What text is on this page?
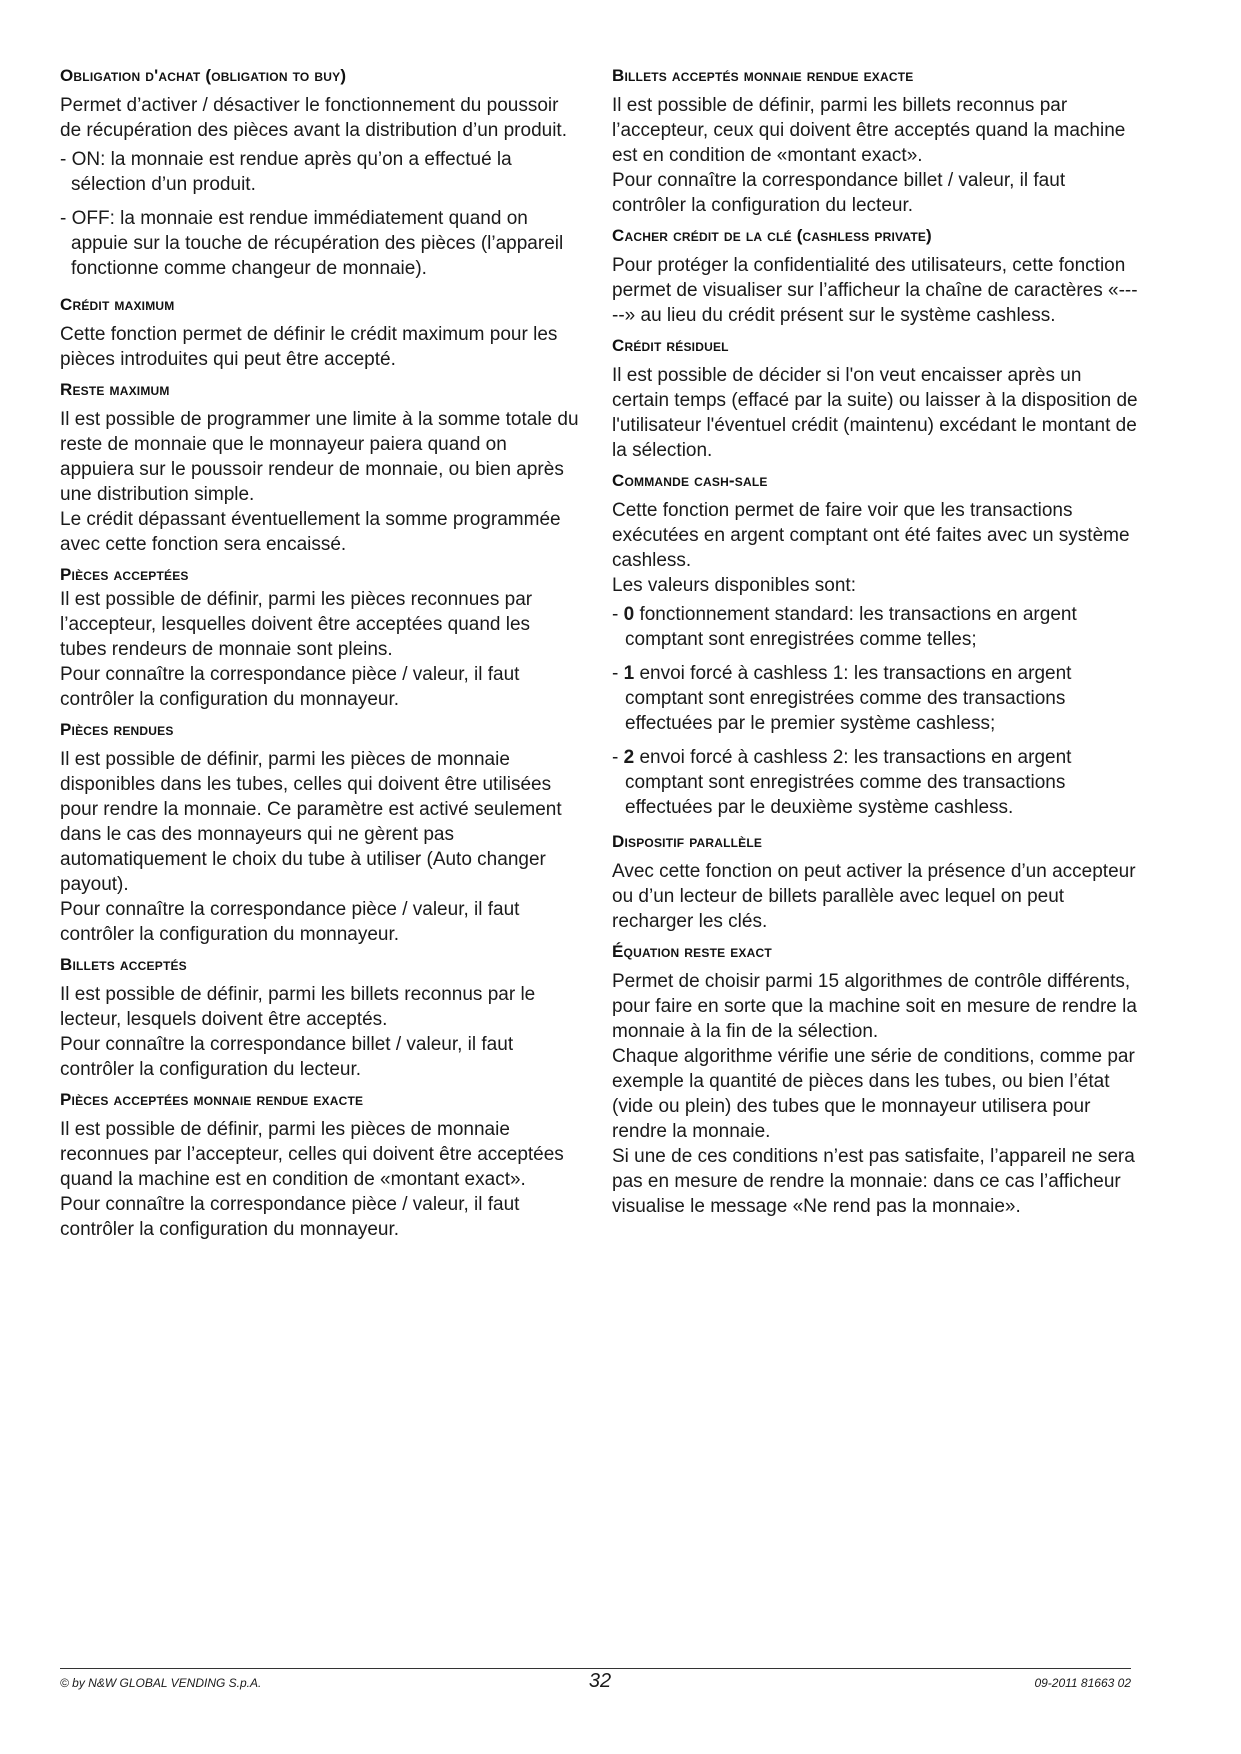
Obligation d'achat (obligation to buy)

Permet d’activer / désactiver le fonctionnement du poussoir de récupération des pièces avant la distribution d’un produit.

- ON: la monnaie est rendue après qu’on a effectué la sélection d’un produit.

- OFF: la monnaie est rendue immédiatement quand on appuie sur la touche de récupération des pièces (l’appareil fonctionne comme changeur de monnaie).

Crédit maximum

Cette fonction permet de définir le crédit maximum pour les pièces introduites qui peut être accepté.

Reste maximum

Il est possible de programmer une limite à la somme totale du reste de monnaie que le monnayeur paiera quand on appuiera sur le poussoir rendeur de monnaie, ou bien après une distribution simple.

Le crédit dépassant éventuellement la somme programmée avec cette fonction sera encaissé.

Pièces acceptées

Il est possible de définir, parmi les pièces reconnues par l’accepteur, lesquelles doivent être acceptées quand les tubes rendeurs de monnaie sont pleins.

Pour connaître la correspondance pièce / valeur, il faut contrôler la configuration du monnayeur.

Pièces rendues

Il est possible de définir, parmi les pièces de monnaie disponibles dans les tubes, celles qui doivent être utilisées pour rendre la monnaie. Ce paramètre est activé seulement dans le cas des monnayeurs qui ne gèrent pas automatiquement le choix du tube à utiliser (Auto changer payout).

Pour connaître la correspondance pièce / valeur, il faut contrôler la configuration du monnayeur.

Billets acceptés

Il est possible de définir, parmi les billets reconnus par le lecteur, lesquels doivent être acceptés.

Pour connaître la correspondance billet / valeur, il faut contrôler la configuration du lecteur.

Pièces acceptées monnaie rendue exacte

Il est possible de définir, parmi les pièces de monnaie reconnues par l’accepteur, celles qui doivent être acceptées quand la machine est en condition de «montant exact».

Pour connaître la correspondance pièce / valeur, il faut contrôler la configuration du monnayeur.

Billets acceptés monnaie rendue exacte

Il est possible de définir, parmi les billets reconnus par l’accepteur, ceux qui doivent être acceptés quand la machine est en condition de «montant exact».

Pour connaître la correspondance billet / valeur, il faut contrôler la configuration du lecteur.

Cacher crédit de la clé (cashless private)

Pour protéger la confidentialité des utilisateurs, cette fonction permet de visualiser sur l’afficheur la chaîne de caractères «-----» au lieu du crédit présent sur le système cashless.

Crédit résiduel

Il est possible de décider si l'on veut encaisser après un certain temps (effacé par la suite) ou laisser à la disposition de l'utilisateur l'éventuel crédit (maintenu) excédant le montant de la sélection.

Commande cash-sale

Cette fonction permet de faire voir que les transactions exécutées en argent comptant ont été faites avec un système cashless.

Les valeurs disponibles sont:

- 0 fonctionnement standard: les transactions en argent comptant sont enregistrées comme telles;

- 1 envoi forcé à cashless 1: les transactions en argent comptant sont enregistrées comme des transactions effectuées par le premier système cashless;

- 2 envoi forcé à cashless 2: les transactions en argent comptant sont enregistrées comme des transactions effectuées par le deuxième système cashless.

Dispositif parallèle

Avec cette fonction on peut activer la présence d’un accepteur ou d’un lecteur de billets parallèle avec lequel on peut recharger les clés.

Équation reste exact

Permet de choisir parmi 15 algorithmes de contrôle différents, pour faire en sorte que la machine soit en mesure de rendre la monnaie à la fin de la sélection.

Chaque algorithme vérifie une série de conditions, comme par exemple la quantité de pièces dans les tubes, ou bien l’état (vide ou plein) des tubes que le monnayeur utilisera pour rendre la monnaie.

Si une de ces conditions n’est pas satisfaite, l’appareil ne sera pas en mesure de rendre la monnaie: dans ce cas l’afficheur visualise le message «Ne rend pas la monnaie».

© by N&W GLOBAL VENDING S.p.A.	32	09-2011 81663 02
